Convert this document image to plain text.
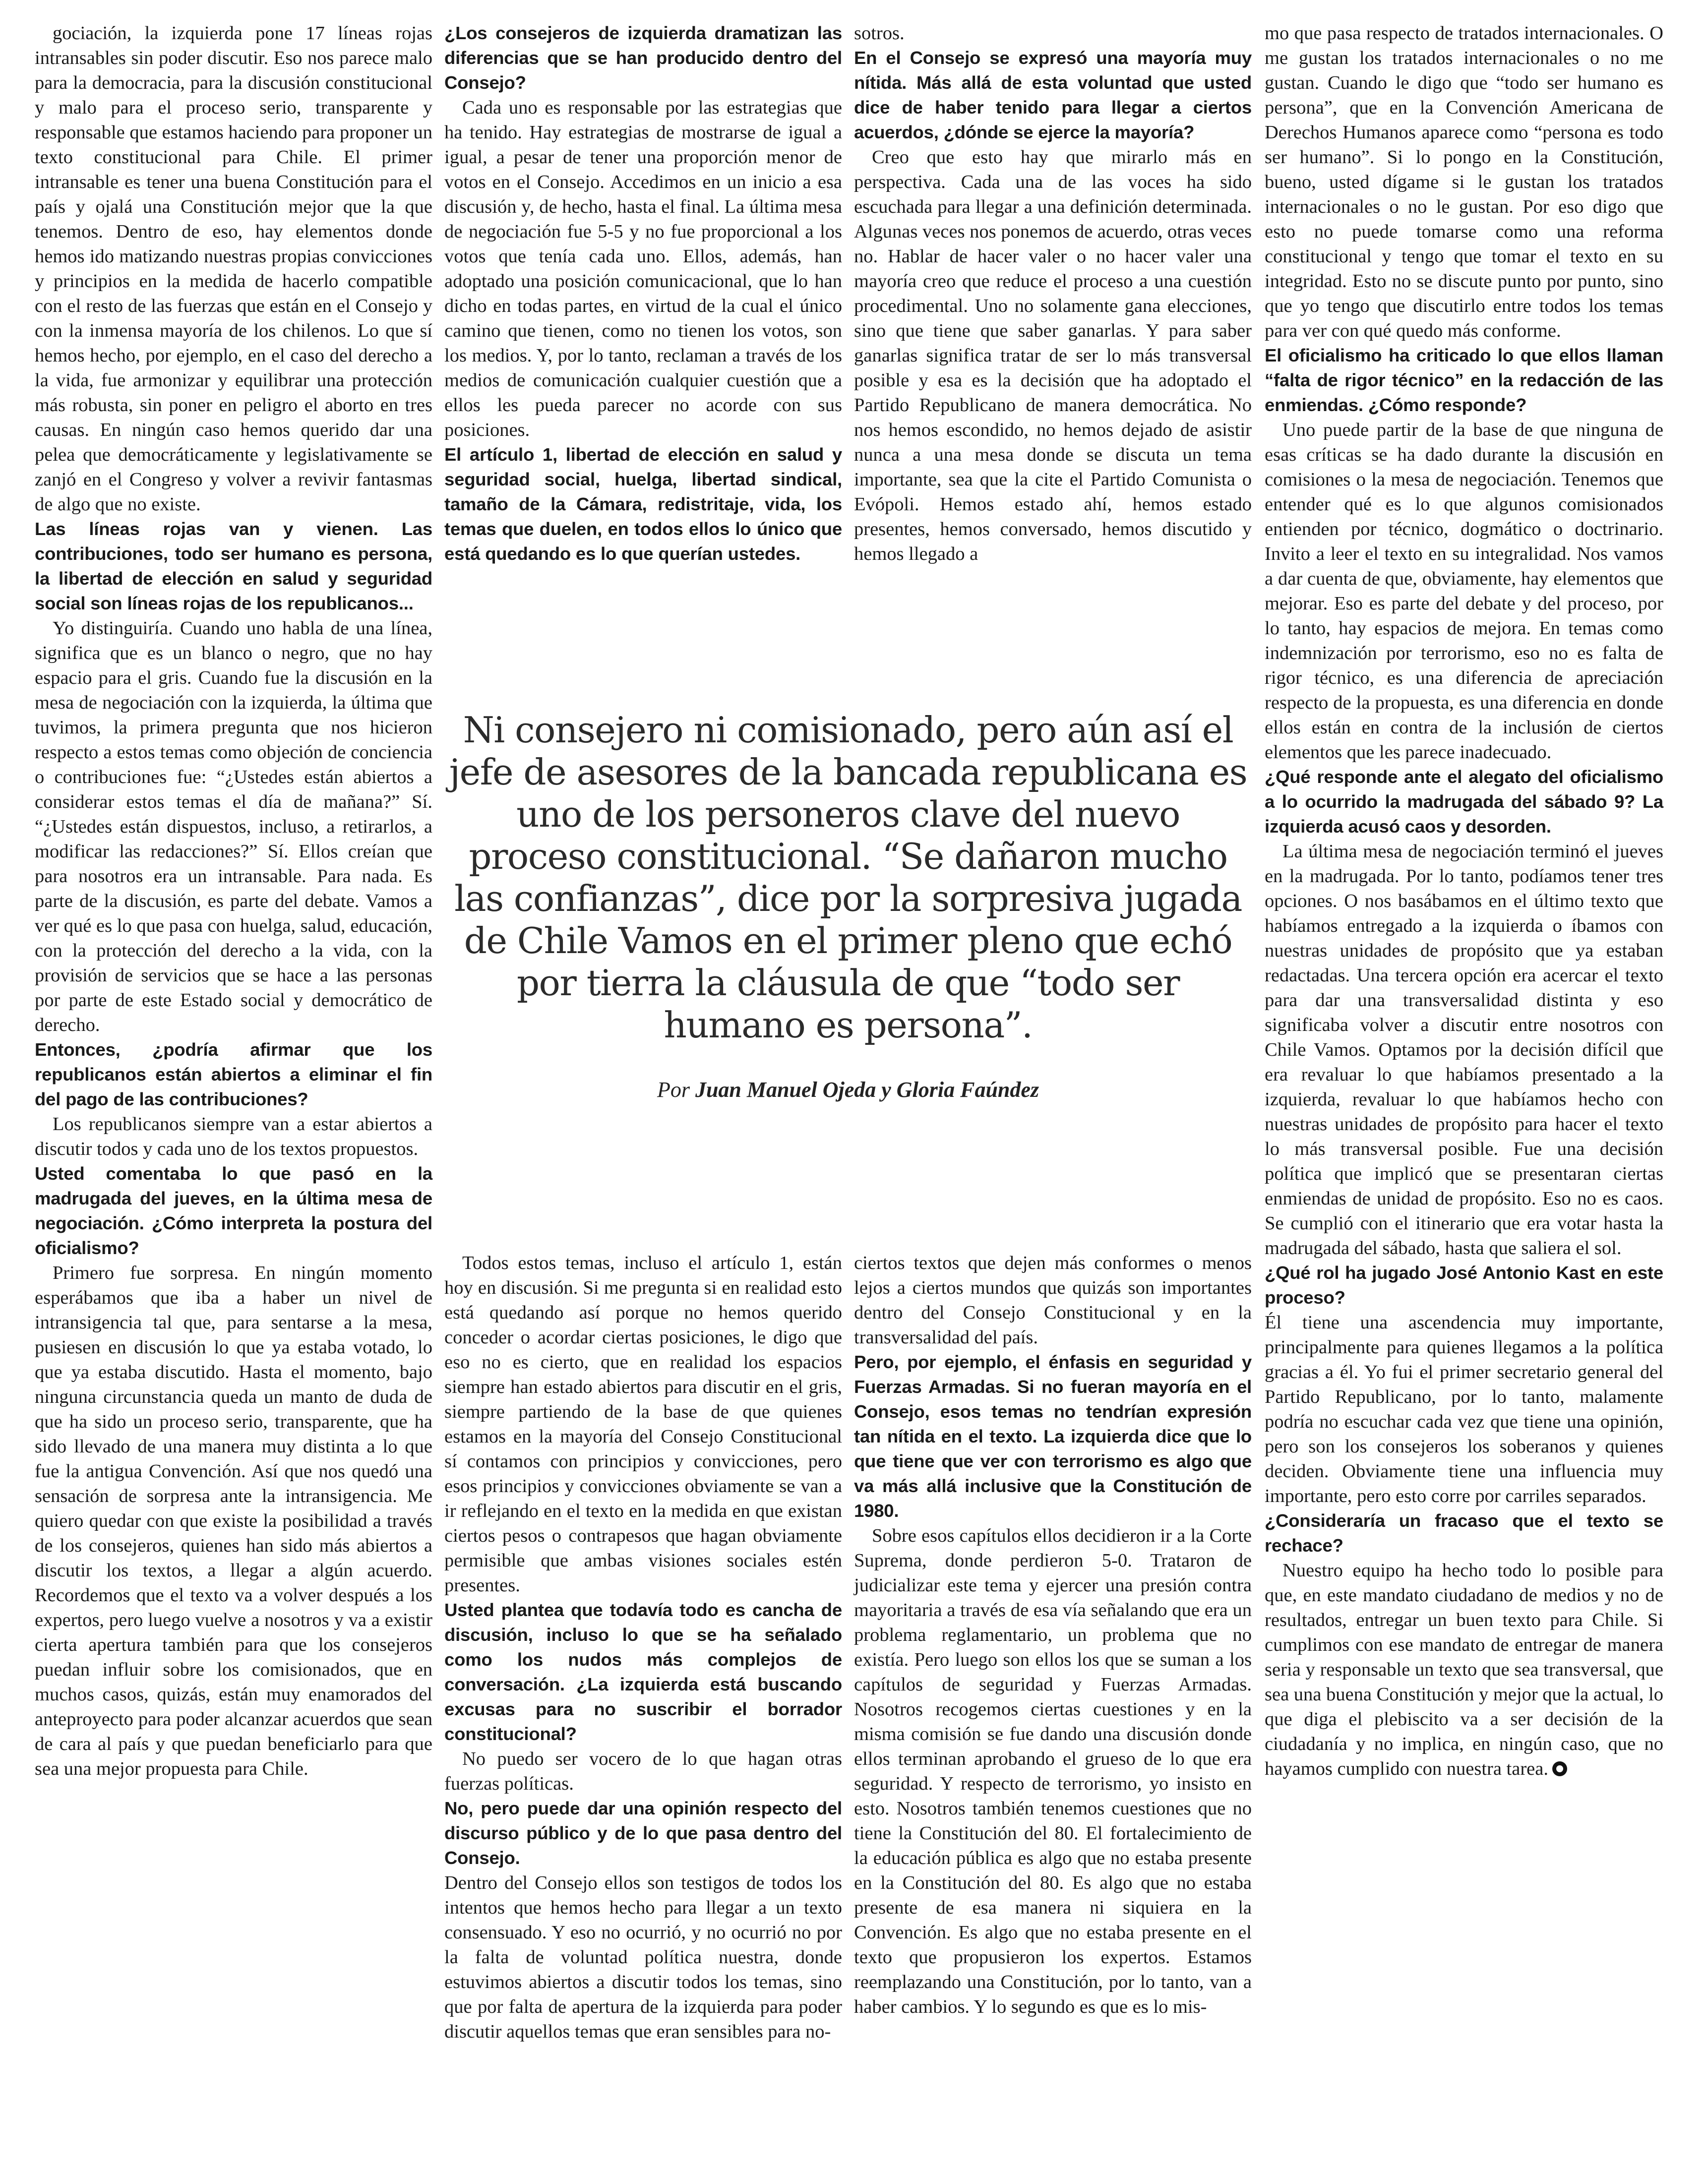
gociación, la izquierda pone 17 líneas rojas intransables sin poder discutir. Eso nos parece malo para la democracia, para la discusión constitucional y malo para el proceso serio, transparente y responsable que estamos haciendo para proponer un texto constitucional para Chile. El primer intransable es tener una buena Constitución para el país y ojalá una Constitución mejor que la que tenemos. Dentro de eso, hay elementos donde hemos ido matizando nuestras propias convicciones y principios en la medida de hacerlo compatible con el resto de las fuerzas que están en el Consejo y con la inmensa mayoría de los chilenos. Lo que sí hemos hecho, por ejemplo, en el caso del derecho a la vida, fue armonizar y equilibrar una protección más robusta, sin poner en peligro el aborto en tres causas. En ningún caso hemos querido dar una pelea que democráticamente y legislativamente se zanjó en el Congreso y volver a revivir fantasmas de algo que no existe.

Las líneas rojas van y vienen. Las contribuciones, todo ser humano es persona, la libertad de elección en salud y seguridad social son líneas rojas de los republicanos...

Yo distinguiría. Cuando uno habla de una línea, significa que es un blanco o negro, que no hay espacio para el gris. Cuando fue la discusión en la mesa de negociación con la izquierda, la última que tuvimos, la primera pregunta que nos hicieron respecto a estos temas como objeción de conciencia o contribuciones fue: “¿Ustedes están abiertos a considerar estos temas el día de mañana?” Sí. “¿Ustedes están dispuestos, incluso, a retirarlos, a modificar las redacciones?” Sí. Ellos creían que para nosotros era un intransable. Para nada. Es parte de la discusión, es parte del debate. Vamos a ver qué es lo que pasa con huelga, salud, educación, con la protección del derecho a la vida, con la provisión de servicios que se hace a las personas por parte de este Estado social y democrático de derecho.

Entonces, ¿podría afirmar que los republicanos están abiertos a eliminar el fin del pago de las contribuciones?

Los republicanos siempre van a estar abiertos a discutir todos y cada uno de los textos propuestos.

Usted comentaba lo que pasó en la madrugada del jueves, en la última mesa de negociación. ¿Cómo interpreta la postura del oficialismo?

Primero fue sorpresa. En ningún momento esperábamos que iba a haber un nivel de intransigencia tal que, para sentarse a la mesa, pusiesen en discusión lo que ya estaba votado, lo que ya estaba discutido. Hasta el momento, bajo ninguna circunstancia queda un manto de duda de que ha sido un proceso serio, transparente, que ha sido llevado de una manera muy distinta a lo que fue la antigua Convención. Así que nos quedó una sensación de sorpresa ante la intransigencia. Me quiero quedar con que existe la posibilidad a través de los consejeros, quienes han sido más abiertos a discutir los textos, a llegar a algún acuerdo. Recordemos que el texto va a volver después a los expertos, pero luego vuelve a nosotros y va a existir cierta apertura también para que los consejeros puedan influir sobre los comisionados, que en muchos casos, quizás, están muy enamorados del anteproyecto para poder alcanzar acuerdos que sean de cara al país y que puedan beneficiarlo para que sea una mejor propuesta para Chile.

¿Los consejeros de izquierda dramatizan las diferencias que se han producido dentro del Consejo?

Cada uno es responsable por las estrategias que ha tenido. Hay estrategias de mostrarse de igual a igual, a pesar de tener una proporción menor de votos en el Consejo. Accedimos en un inicio a esa discusión y, de hecho, hasta el final. La última mesa de negociación fue 5-5 y no fue proporcional a los votos que tenía cada uno. Ellos, además, han adoptado una posición comunicacional, que lo han dicho en todas partes, en virtud de la cual el único camino que tienen, como no tienen los votos, son los medios. Y, por lo tanto, reclaman a través de los medios de comunicación cualquier cuestión que a ellos les pueda parecer no acorde con sus posiciones.

El artículo 1, libertad de elección en salud y seguridad social, huelga, libertad sindical, tamaño de la Cámara, redistritaje, vida, los temas que duelen, en todos ellos lo único que está quedando es lo que querían ustedes.

sotros.

En el Consejo se expresó una mayoría muy nítida. Más allá de esta voluntad que usted dice de haber tenido para llegar a ciertos acuerdos, ¿dónde se ejerce la mayoría?

Creo que esto hay que mirarlo más en perspectiva. Cada una de las voces ha sido escuchada para llegar a una definición determinada. Algunas veces nos ponemos de acuerdo, otras veces no. Hablar de hacer valer o no hacer valer una mayoría creo que reduce el proceso a una cuestión procedimental. Uno no solamente gana elecciones, sino que tiene que saber ganarlas. Y para saber ganarlas significa tratar de ser lo más transversal posible y esa es la decisión que ha adoptado el Partido Republicano de manera democrática. No nos hemos escondido, no hemos dejado de asistir nunca a una mesa donde se discuta un tema importante, sea que la cite el Partido Comunista o Evópoli. Hemos estado ahí, hemos estado presentes, hemos conversado, hemos discutido y hemos llegado a

Ni consejero ni comisionado, pero aún así el jefe de asesores de la bancada republicana es uno de los personeros clave del nuevo proceso constitucional. “Se dañaron mucho las confianzas”, dice por la sorpresiva jugada de Chile Vamos en el primer pleno que echó por tierra la cláusula de que “todo ser humano es persona”.

Por Juan Manuel Ojeda y Gloria Faúndez

Todos estos temas, incluso el artículo 1, están hoy en discusión. Si me pregunta si en realidad esto está quedando así porque no hemos querido conceder o acordar ciertas posiciones, le digo que eso no es cierto, que en realidad los espacios siempre han estado abiertos para discutir en el gris, siempre partiendo de la base de que quienes estamos en la mayoría del Consejo Constitucional sí contamos con principios y convicciones, pero esos principios y convicciones obviamente se van a ir reflejando en el texto en la medida en que existan ciertos pesos o contrapesos que hagan obviamente permisible que ambas visiones sociales estén presentes.

Usted plantea que todavía todo es cancha de discusión, incluso lo que se ha señalado como los nudos más complejos de conversación. ¿La izquierda está buscando excusas para no suscribir el borrador constitucional?

No puedo ser vocero de lo que hagan otras fuerzas políticas.

No, pero puede dar una opinión respecto del discurso público y de lo que pasa dentro del Consejo.

Dentro del Consejo ellos son testigos de todos los intentos que hemos hecho para llegar a un texto consensuado. Y eso no ocurrió, y no ocurrió no por la falta de voluntad política nuestra, donde estuvimos abiertos a discutir todos los temas, sino que por falta de apertura de la izquierda para poder discutir aquellos temas que eran sensibles para no-

ciertos textos que dejen más conformes o menos lejos a ciertos mundos que quizás son importantes dentro del Consejo Constitucional y en la transversalidad del país.

Pero, por ejemplo, el énfasis en seguridad y Fuerzas Armadas. Si no fueran mayoría en el Consejo, esos temas no tendrían expresión tan nítida en el texto. La izquierda dice que lo que tiene que ver con terrorismo es algo que va más allá inclusive que la Constitución de 1980.

Sobre esos capítulos ellos decidieron ir a la Corte Suprema, donde perdieron 5-0. Trataron de judicializar este tema y ejercer una presión contra mayoritaria a través de esa vía señalando que era un problema reglamentario, un problema que no existía. Pero luego son ellos los que se suman a los capítulos de seguridad y Fuerzas Armadas. Nosotros recogemos ciertas cuestiones y en la misma comisión se fue dando una discusión donde ellos terminan aprobando el grueso de lo que era seguridad. Y respecto de terrorismo, yo insisto en esto. Nosotros también tenemos cuestiones que no tiene la Constitución del 80. El fortalecimiento de la educación pública es algo que no estaba presente en la Constitución del 80. Es algo que no estaba presente de esa manera ni siquiera en la Convención. Es algo que no estaba presente en el texto que propusieron los expertos. Estamos reemplazando una Constitución, por lo tanto, van a haber cambios. Y lo segundo es que es lo mis-

mo que pasa respecto de tratados internacionales. O me gustan los tratados internacionales o no me gustan. Cuando le digo que “todo ser humano es persona”, que en la Convención Americana de Derechos Humanos aparece como “persona es todo ser humano”. Si lo pongo en la Constitución, bueno, usted dígame si le gustan los tratados internacionales o no le gustan. Por eso digo que esto no puede tomarse como una reforma constitucional y tengo que tomar el texto en su integridad. Esto no se discute punto por punto, sino que yo tengo que discutirlo entre todos los temas para ver con qué quedo más conforme.

El oficialismo ha criticado lo que ellos llaman “falta de rigor técnico” en la redacción de las enmiendas. ¿Cómo responde?

Uno puede partir de la base de que ninguna de esas críticas se ha dado durante la discusión en comisiones o la mesa de negociación. Tenemos que entender qué es lo que algunos comisionados entienden por técnico, dogmático o doctrinario. Invito a leer el texto en su integralidad. Nos vamos a dar cuenta de que, obviamente, hay elementos que mejorar. Eso es parte del debate y del proceso, por lo tanto, hay espacios de mejora. En temas como indemnización por terrorismo, eso no es falta de rigor técnico, es una diferencia de apreciación respecto de la propuesta, es una diferencia en donde ellos están en contra de la inclusión de ciertos elementos que les parece inadecuado.

¿Qué responde ante el alegato del oficialismo a lo ocurrido la madrugada del sábado 9? La izquierda acusó caos y desorden.

La última mesa de negociación terminó el jueves en la madrugada. Por lo tanto, podíamos tener tres opciones. O nos basábamos en el último texto que habíamos entregado a la izquierda o íbamos con nuestras unidades de propósito que ya estaban redactadas. Una tercera opción era acercar el texto para dar una transversalidad distinta y eso significaba volver a discutir entre nosotros con Chile Vamos. Optamos por la decisión difícil que era revaluar lo que habíamos presentado a la izquierda, revaluar lo que habíamos hecho con nuestras unidades de propósito para hacer el texto lo más transversal posible. Fue una decisión política que implicó que se presentaran ciertas enmiendas de unidad de propósito. Eso no es caos. Se cumplió con el itinerario que era votar hasta la madrugada del sábado, hasta que saliera el sol.

¿Qué rol ha jugado José Antonio Kast en este proceso?

Él tiene una ascendencia muy importante, principalmente para quienes llegamos a la política gracias a él. Yo fui el primer secretario general del Partido Republicano, por lo tanto, malamente podría no escuchar cada vez que tiene una opinión, pero son los consejeros los soberanos y quienes deciden. Obviamente tiene una influencia muy importante, pero esto corre por carriles separados.

¿Consideraría un fracaso que el texto se rechace?

Nuestro equipo ha hecho todo lo posible para que, en este mandato ciudadano de medios y no de resultados, entregar un buen texto para Chile. Si cumplimos con ese mandato de entregar de manera seria y responsable un texto que sea transversal, que sea una buena Constitución y mejor que la actual, lo que diga el plebiscito va a ser decisión de la ciudadanía y no implica, en ningún caso, que no hayamos cumplido con nuestra tarea.
